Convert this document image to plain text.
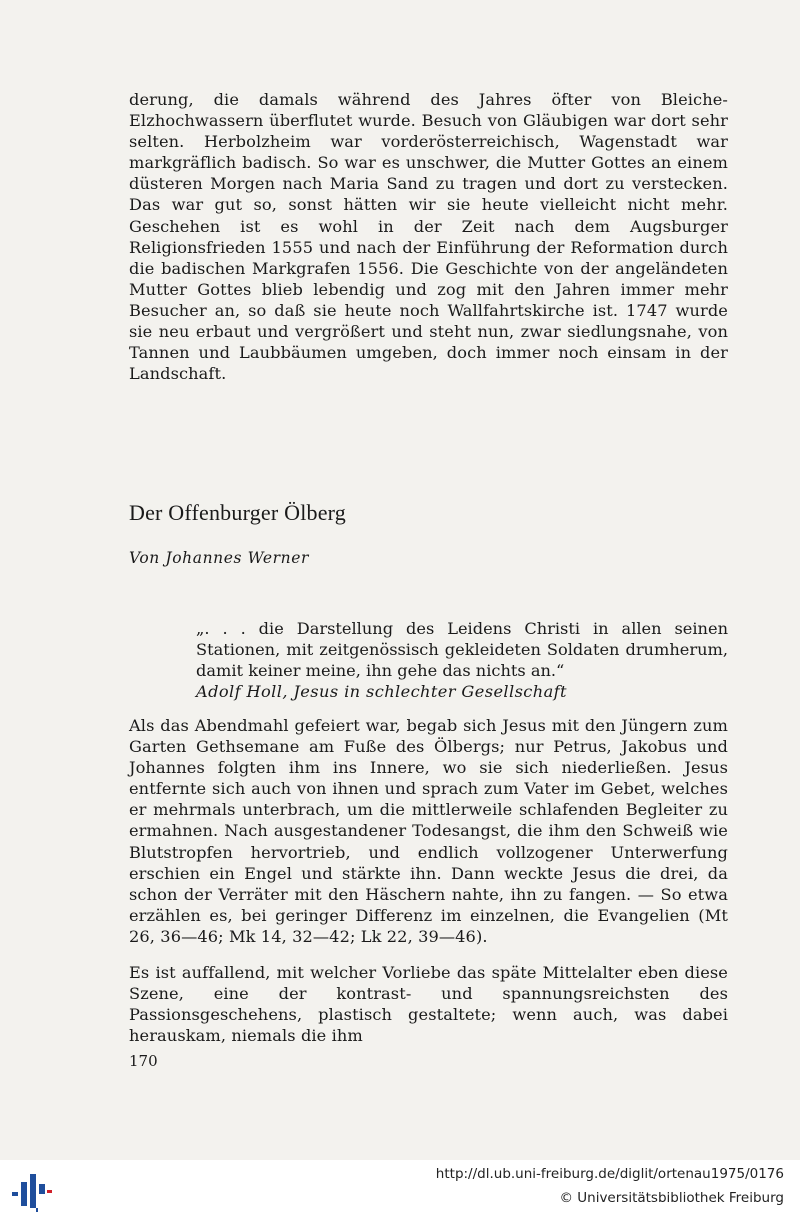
derung, die damals während des Jahres öfter von Bleiche-Elzhochwassern überflutet wurde. Besuch von Gläubigen war dort sehr selten. Herbolzheim war vorderösterreichisch, Wagenstadt war markgräflich badisch. So war es unschwer, die Mutter Gottes an einem düsteren Morgen nach Maria Sand zu tragen und dort zu verstecken. Das war gut so, sonst hätten wir sie heute vielleicht nicht mehr. Geschehen ist es wohl in der Zeit nach dem Augsburger Religionsfrieden 1555 und nach der Einführung der Reformation durch die badischen Markgrafen 1556. Die Geschichte von der angeländeten Mutter Gottes blieb lebendig und zog mit den Jahren immer mehr Besucher an, so daß sie heute noch Wallfahrtskirche ist. 1747 wurde sie neu erbaut und vergrößert und steht nun, zwar siedlungsnahe, von Tannen und Laubbäumen umgeben, doch immer noch einsam in der Landschaft.

Der Offenburger Ölberg
Von Johannes Werner

„. . . die Darstellung des Leidens Christi in allen seinen Stationen, mit zeitgenössisch gekleideten Soldaten drumherum, damit keiner meine, ihn gehe das nichts an.“

Adolf Holl, Jesus in schlechter Gesellschaft

Als das Abendmahl gefeiert war, begab sich Jesus mit den Jüngern zum Garten Gethsemane am Fuße des Ölbergs; nur Petrus, Jakobus und Johannes folgten ihm ins Innere, wo sie sich niederließen. Jesus entfernte sich auch von ihnen und sprach zum Vater im Gebet, welches er mehrmals unterbrach, um die mittlerweile schlafenden Begleiter zu ermahnen. Nach ausgestandener Todesangst, die ihm den Schweiß wie Blutstropfen hervortrieb, und endlich vollzogener Unterwerfung erschien ein Engel und stärkte ihn. Dann weckte Jesus die drei, da schon der Verräter mit den Häschern nahte, ihn zu fangen. — So etwa erzählen es, bei geringer Differenz im einzelnen, die Evangelien (Mt 26, 36—46; Mk 14, 32—42; Lk 22, 39—46).

Es ist auffallend, mit welcher Vorliebe das späte Mittelalter eben diese Szene, eine der kontrast- und spannungsreichsten des Passionsgeschehens, plastisch gestaltete; wenn auch, was dabei herauskam, niemals die ihm

170
http://dl.ub.uni-freiburg.de/diglit/ortenau1975/0176
© Universitätsbibliothek Freiburg
